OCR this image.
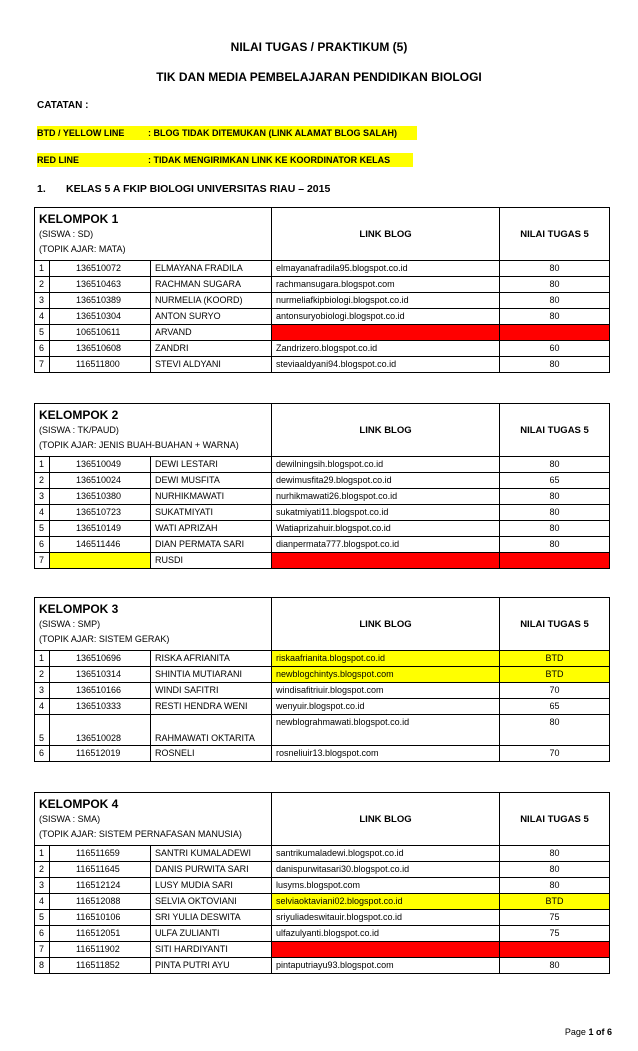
NILAI TUGAS / PRAKTIKUM (5)
TIK DAN MEDIA PEMBELAJARAN PENDIDIKAN BIOLOGI
CATATAN :
BTD / YELLOW LINE	: BLOG TIDAK DITEMUKAN (LINK ALAMAT BLOG SALAH)
RED LINE	: TIDAK MENGIRIMKAN LINK KE KOORDINATOR KELAS
1. KELAS 5 A FKIP BIOLOGI UNIVERSITAS RIAU – 2015
KELOMPOK 1
(SISWA : SD)
(TOPIK AJAR: MATA)			LINK BLOG	NILAI TUGAS 5
1	136510072	ELMAYANA FRADILA	elmayanafradila95.blogspot.co.id	80
2	136510463	RACHMAN SUGARA	rachmansugara.blogspot.com	80
3	136510389	NURMELIA (KOORD)	nurmeliafkipbiologi.blogspot.co.id	80
4	136510304	ANTON SURYO	antonsuryobiologi.blogspot.co.id	80
5	106510611	ARVAND		
6	136510608	ZANDRI	Zandrizero.blogspot.co.id	60
7	116511800	STEVI ALDYANI	steviaaldyani94.blogspot.co.id	80
KELOMPOK 2
(SISWA : TK/PAUD)
(TOPIK AJAR: JENIS BUAH-BUAHAN + WARNA)			LINK BLOG	NILAI TUGAS 5
1	136510049	DEWI LESTARI	dewilningsih.blogspot.co.id	80
2	136510024	DEWI MUSFITA	dewimusfita29.blogspot.co.id	65
3	136510380	NURHIKMAWATI	nurhikmawati26.blogspot.co.id	80
4	136510723	SUKATMIYATI	sukatmiyati11.blogspot.co.id	80
5	136510149	WATI APRIZAH	Watiaprizahuir.blogspot.co.id	80
6	146511446	DIAN PERMATA SARI	dianpermata777.blogspot.co.id	80
7		RUSDI		
KELOMPOK 3
(SISWA : SMP)
(TOPIK AJAR: SISTEM GERAK)			LINK BLOG	NILAI TUGAS 5
1	136510696	RISKA AFRIANITA	riskaafrianita.blogspot.co.id	BTD
2	136510314	SHINTIA MUTIARANI	newblogchintys.blogspot.com	BTD
3	136510166	WINDI SAFITRI	windisafitriuir.blogspot.com	70
4	136510333	RESTI HENDRA WENI	wenyuir.blogspot.co.id	65
5	136510028	RAHMAWATI OKTARITA	newblograhmawati.blogspot.co.id	80
6	116512019	ROSNELI	rosneliuir13.blogspot.com	70
KELOMPOK 4
(SISWA : SMA)
(TOPIK AJAR: SISTEM PERNAFASAN MANUSIA)			LINK BLOG	NILAI TUGAS 5
1	116511659	SANTRI KUMALADEWI	santrikumaladewi.blogspot.co.id	80
2	116511645	DANIS PURWITA SARI	danispurwitasari30.blogspot.co.id	80
3	116512124	LUSY MUDIA SARI	lusyms.blogspot.com	80
4	116512088	SELVIA OKTOVIANI	selviaoktaviani02.blogspot.co.id	BTD
5	116510106	SRI YULIA DESWITA	sriyuliadeswitauir.blogspot.co.id	75
6	116512051	ULFA ZULIANTI	ulfazulyanti.blogspot.co.id	75
7	116511902	SITI HARDIYANTI		
8	116511852	PINTA PUTRI AYU	pintaputriayu93.blogspot.com	80
Page 1 of 6
